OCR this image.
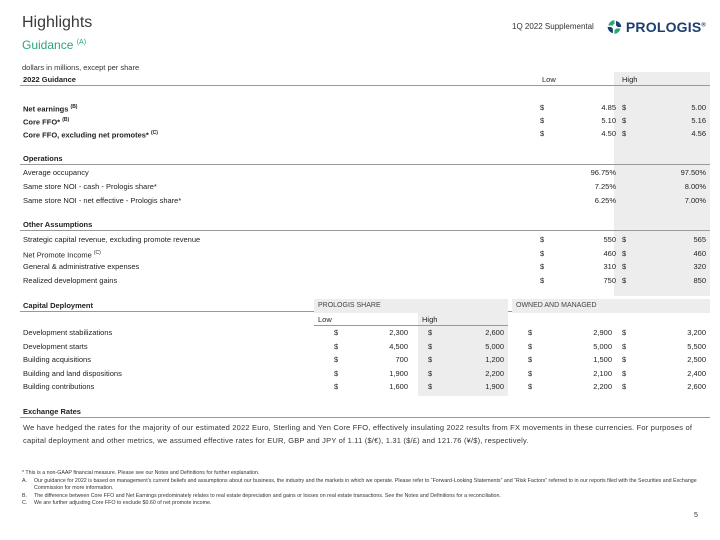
Highlights
Guidance $^{(A)}$
1Q 2022 Supplemental PROLOGIS®
dollars in millions, except per share
2022 Guidance	Low	High
Net earnings $^{(B)}$	$	4.85 $	5.00
Core FFO* $^{(B)}$	$	5.10 $	5.16
Core FFO, excluding net promotes* $^{(C)}$	$	4.50 $	4.56
Operations
Average occupancy	96.75%	97.50%
Same store NOI - cash - Prologis share*	7.25%	8.00%
Same store NOI - net effective - Prologis share*	6.25%	7.00%
Other Assumptions
Strategic capital revenue, excluding promote revenue	$	550 $	565
Net Promote Income $^{(C)}$	$	460 $	460
General & administrative expenses	$	310 $	320
Realized development gains	$	750 $	850
Capital Deployment	PROLOGIS SHARE	OWNED AND MANAGED
Low	High
Development stabilizations	$	2,300	$	2,600	$	2,900 $	3,200
Development starts	$	4,500	$	5,000	$	5,000 $	5,500
Building acquisitions	$	700	$	1,200	$	1,500 $	2,500
Building and land dispositions	$	1,900	$	2,200	$	2,100 $	2,400
Building contributions	$	1,600	$	1,900	$	2,200 $	2,600
Exchange Rates
We have hedged the rates for the majority of our estimated 2022 Euro, Sterling and Yen Core FFO, effectively insulating 2022 results from FX movements in these currencies. For purposes of capital deployment and other metrics, we assumed effective rates for EUR, GBP and JPY of 1.11 ($/€), 1.31 ($/£) and 121.76 (¥/$), respectively.
* This is a non-GAAP financial measure. Please see our Notes and Definitions for further explanation.
A. Our guidance for 2022 is based on management’s current beliefs and assumptions about our business, the industry and the markets in which we operate. Please refer to “Forward-Looking Statements” and “Risk Factors” referred to in our reports filed with the Securities and Exchange Commission for more information.
B. The difference between Core FFO and Net Earnings predominately relates to real estate depreciation and gains or losses on real estate transactions. See the Notes and Definitions for a reconciliation.
C. We are further adjusting Core FFO to exclude $0.60 of net promote income.
5
